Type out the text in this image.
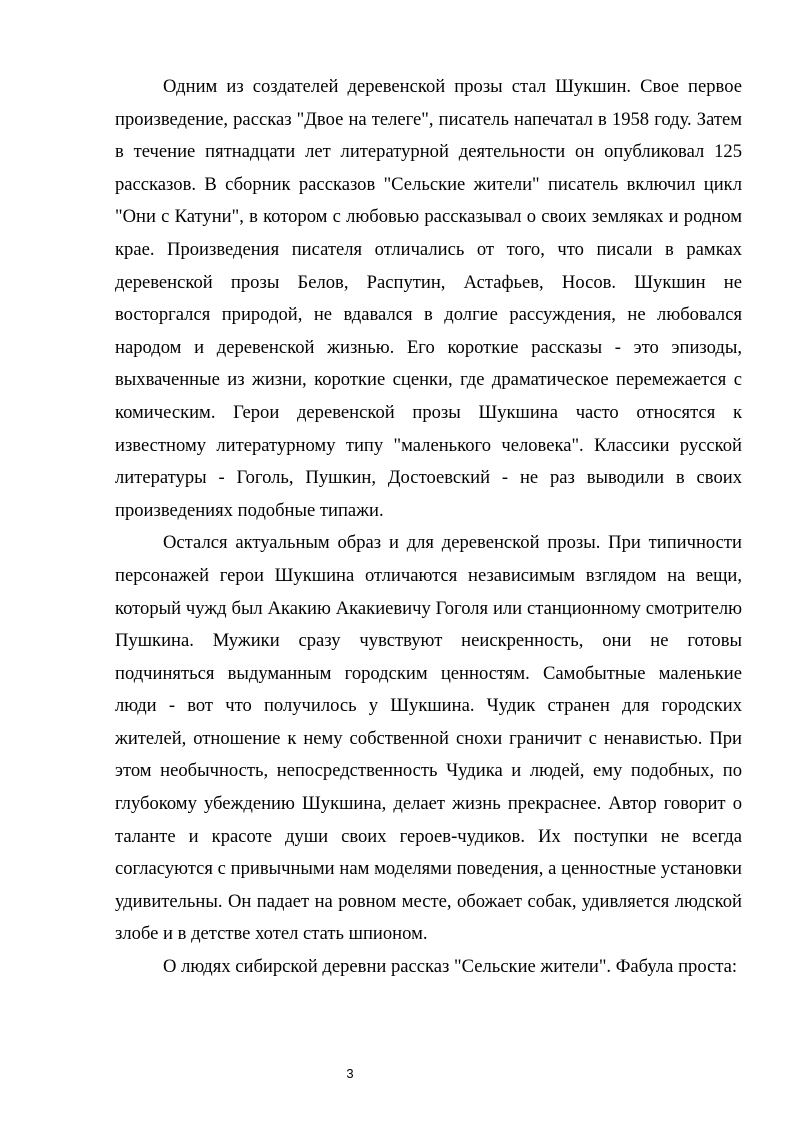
Одним из создателей деревенской прозы стал Шукшин. Свое первое произведение, рассказ "Двое на телеге", писатель напечатал в 1958 году. Затем в течение пятнадцати лет литературной деятельности он опубликовал 125 рассказов. В сборник рассказов "Сельские жители" писатель включил цикл "Они с Катуни", в котором с любовью рассказывал о своих земляках и родном крае. Произведения писателя отличались от того, что писали в рамках деревенской прозы Белов, Распутин, Астафьев, Носов. Шукшин не восторгался природой, не вдавался в долгие рассуждения, не любовался народом и деревенской жизнью. Его короткие рассказы - это эпизоды, выхваченные из жизни, короткие сценки, где драматическое перемежается с комическим. Герои деревенской прозы Шукшина часто относятся к известному литературному типу "маленького человека". Классики русской литературы - Гоголь, Пушкин, Достоевский - не раз выводили в своих произведениях подобные типажи.

Остался актуальным образ и для деревенской прозы. При типичности персонажей герои Шукшина отличаются независимым взглядом на вещи, который чужд был Акакию Акакиевичу Гоголя или станционному смотрителю Пушкина. Мужики сразу чувствуют неискренность, они не готовы подчиняться выдуманным городским ценностям. Самобытные маленькие люди - вот что получилось у Шукшина. Чудик странен для городских жителей, отношение к нему собственной снохи граничит с ненавистью. При этом необычность, непосредственность Чудика и людей, ему подобных, по глубокому убеждению Шукшина, делает жизнь прекраснее. Автор говорит о таланте и красоте души своих героев-чудиков. Их поступки не всегда согласуются с привычными нам моделями поведения, а ценностные установки удивительны. Он падает на ровном месте, обожает собак, удивляется людской злобе и в детстве хотел стать шпионом.

О людях сибирской деревни рассказ "Сельские жители". Фабула проста:

3
